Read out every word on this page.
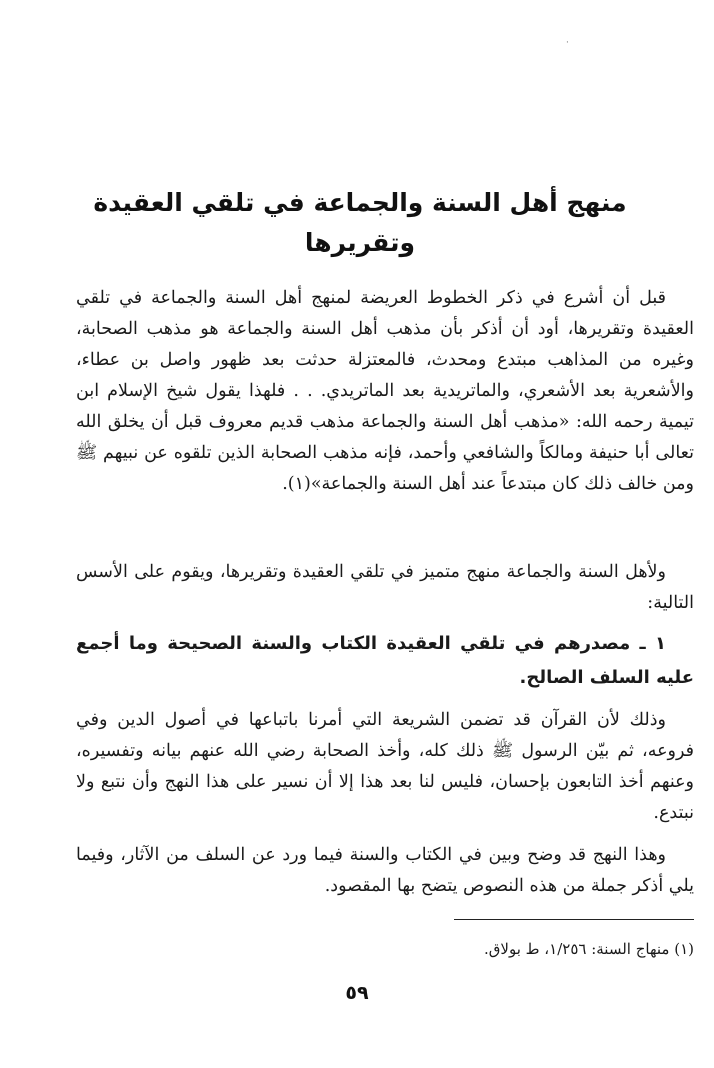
·
منهج أهل السنة والجماعة في تلقي العقيدة وتقريرها

قبل أن أشرع في ذكر الخطوط العريضة لمنهج أهل السنة والجماعة في تلقي العقيدة وتقريرها، أود أن أذكر بأن مذهب أهل السنة والجماعة هو مذهب الصحابة، وغيره من المذاهب مبتدع ومحدث، فالمعتزلة حدثت بعد ظهور واصل بن عطاء، والأشعرية بعد الأشعري، والماتريدية بعد الماتريدي. . . فلهذا يقول شيخ الإسلام ابن تيمية رحمه الله: «مذهب أهل السنة والجماعة مذهب قديم معروف قبل أن يخلق الله تعالى أبا حنيفة ومالكاً والشافعي وأحمد، فإنه مذهب الصحابة الذين تلقوه عن نبيهم ﷺ ومن خالف ذلك كان مبتدعاً عند أهل السنة والجماعة»(١).

ولأهل السنة والجماعة منهج متميز في تلقي العقيدة وتقريرها، ويقوم على الأسس التالية:

١ ـ مصدرهم في تلقي العقيدة الكتاب والسنة الصحيحة وما أجمع عليه السلف الصالح.

وذلك لأن القرآن قد تضمن الشريعة التي أمرنا باتباعها في أصول الدين وفي فروعه، ثم بيّن الرسول ﷺ ذلك كله، وأخذ الصحابة رضي الله عنهم بيانه وتفسيره، وعنهم أخذ التابعون بإحسان، فليس لنا بعد هذا إلا أن نسير على هذا النهج وأن نتبع ولا نبتدع.

وهذا النهج قد وضح وبين في الكتاب والسنة فيما ورد عن السلف من الآثار، وفيما يلي أذكر جملة من هذه النصوص يتضح بها المقصود.

(١) منهاج السنة: ١/٢٥٦، ط بولاق.
٥٩
